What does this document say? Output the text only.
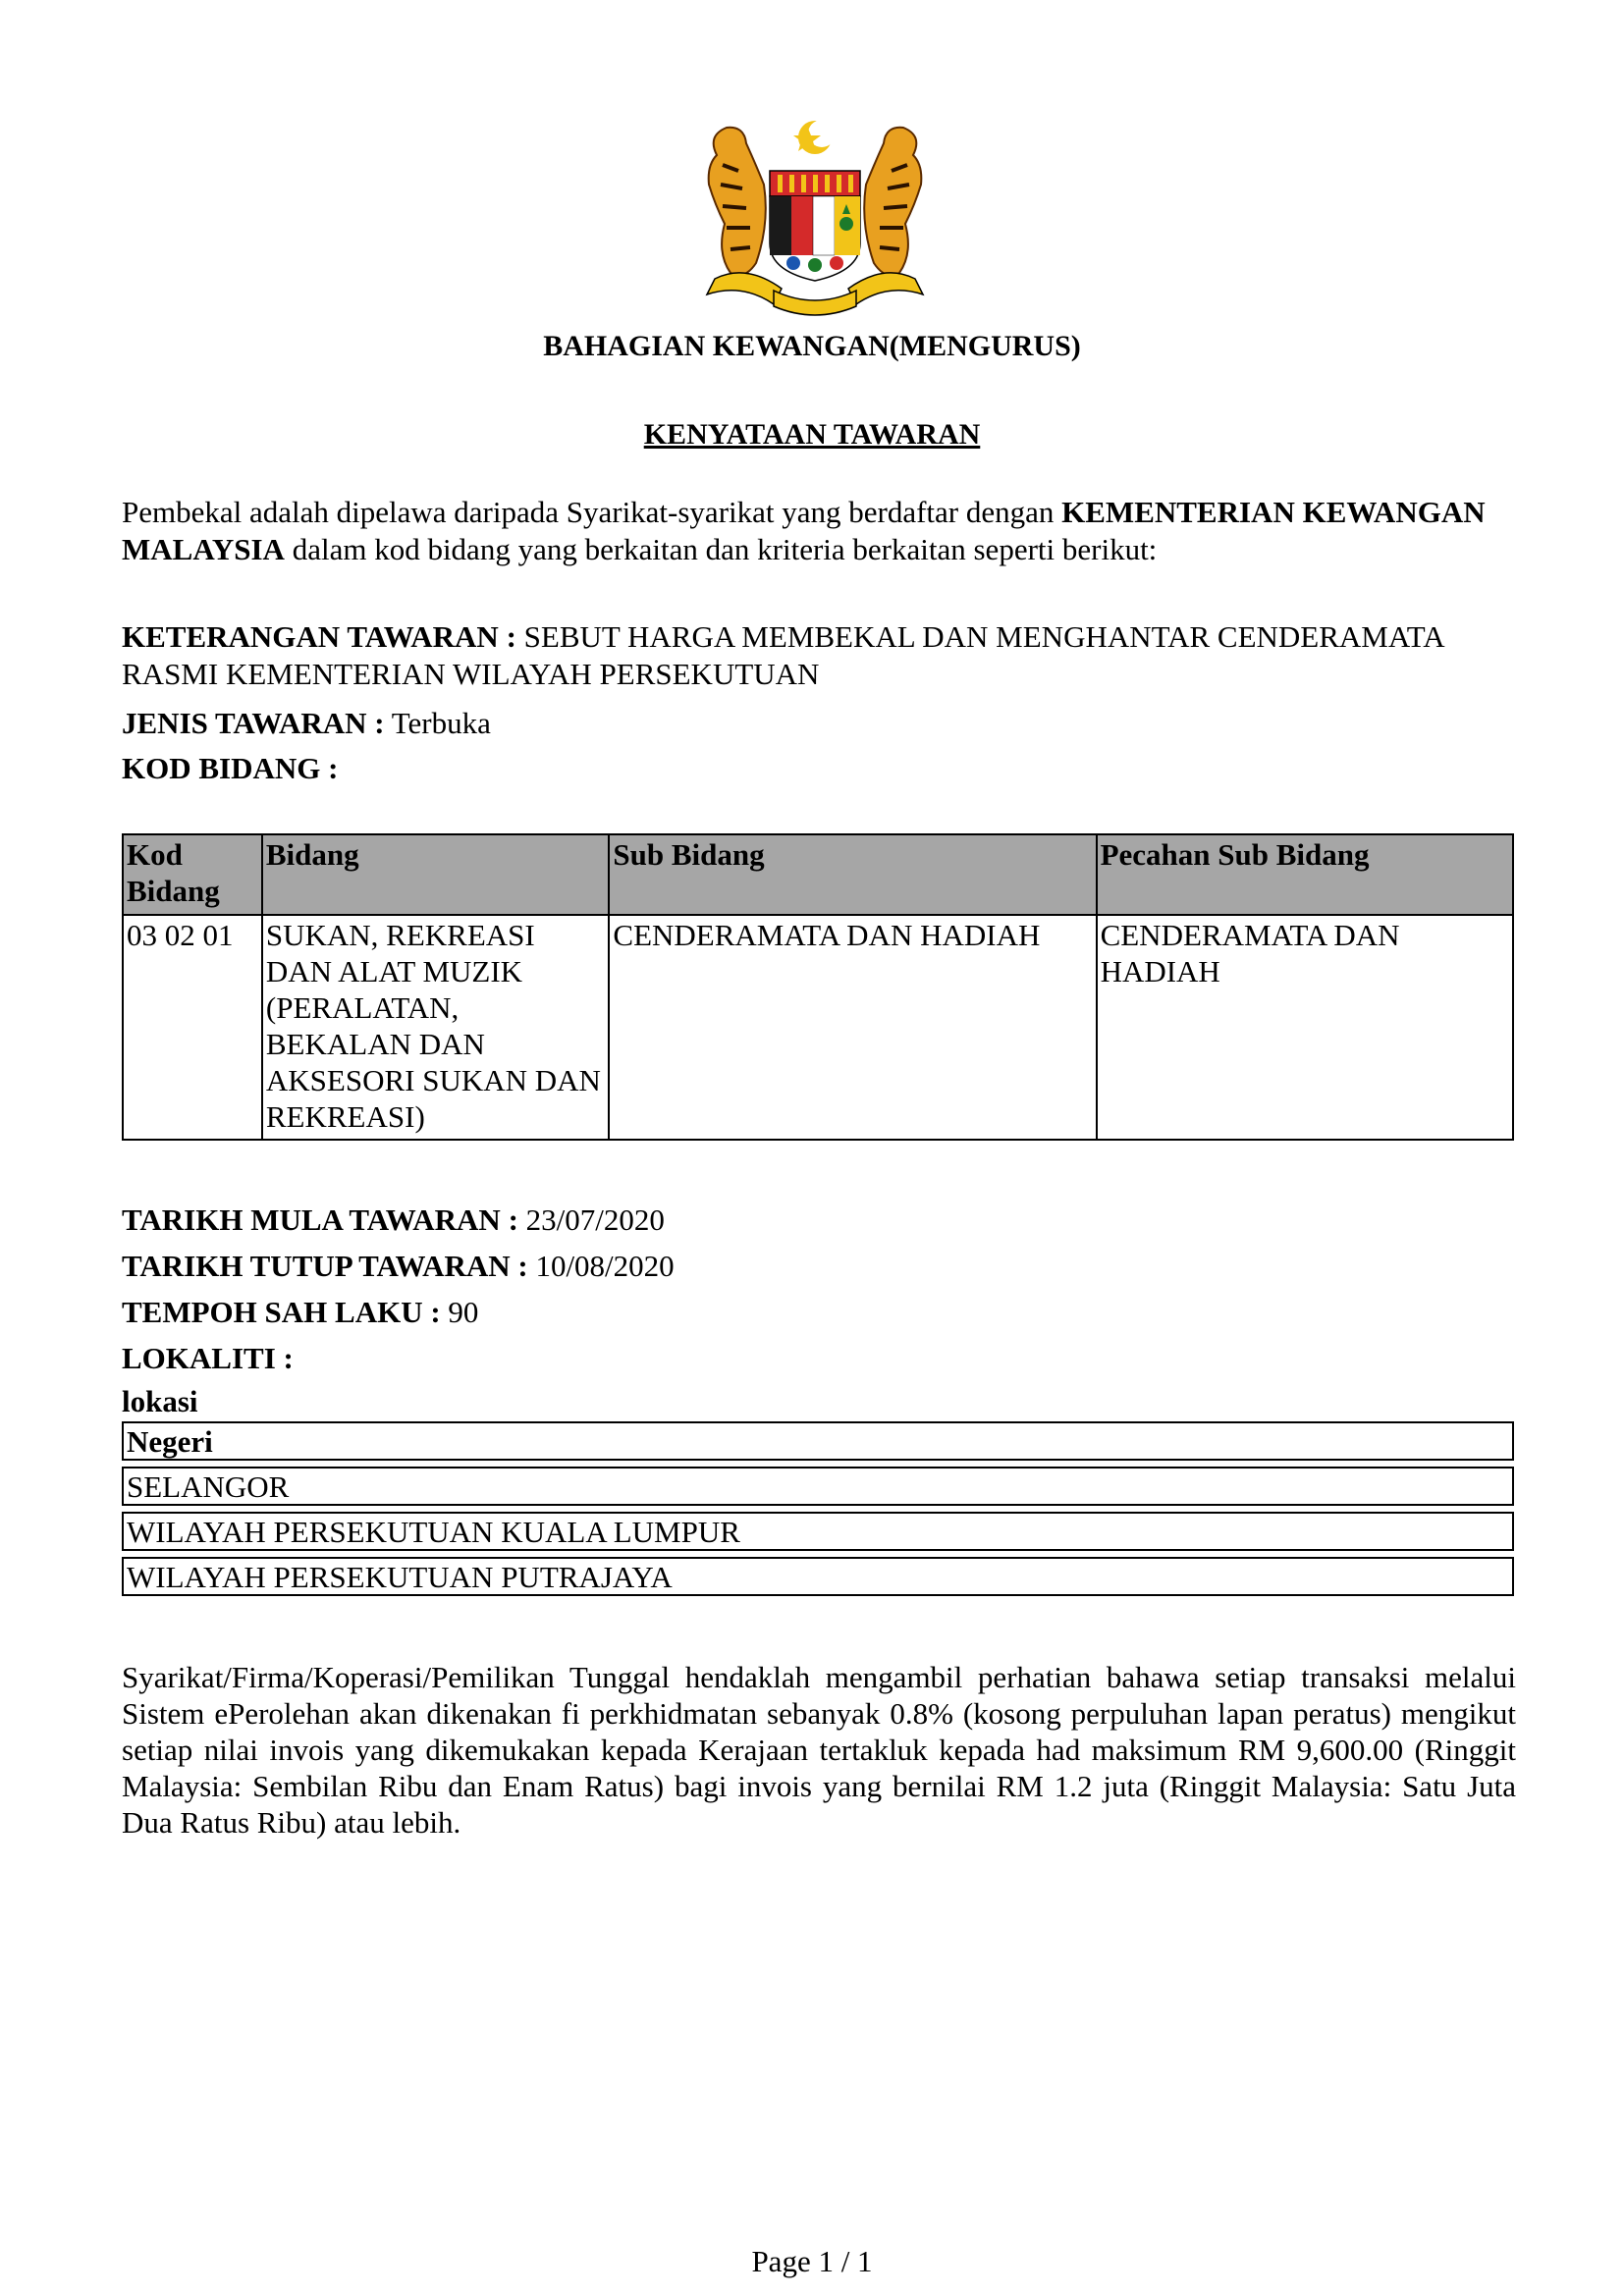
BAHAGIAN KEWANGAN(MENGURUS)
KENYATAAN TAWARAN
Pembekal adalah dipelawa daripada Syarikat-syarikat yang berdaftar dengan KEMENTERIAN KEWANGAN MALAYSIA dalam kod bidang yang berkaitan dan kriteria berkaitan seperti berikut:
KETERANGAN TAWARAN : SEBUT HARGA MEMBEKAL DAN MENGHANTAR CENDERAMATA RASMI KEMENTERIAN WILAYAH PERSEKUTUAN
JENIS TAWARAN : Terbuka
KOD BIDANG :
Kod Bidang	Bidang	Sub Bidang	Pecahan Sub Bidang
03 02 01	SUKAN, REKREASI DAN ALAT MUZIK (PERALATAN, BEKALAN DAN AKSESORI SUKAN DAN REKREASI)	CENDERAMATA DAN HADIAH	CENDERAMATA DAN HADIAH
TARIKH MULA TAWARAN : 23/07/2020
TARIKH TUTUP TAWARAN : 10/08/2020
TEMPOH SAH LAKU : 90
LOKALITI :
lokasi
Negeri
SELANGOR
WILAYAH PERSEKUTUAN KUALA LUMPUR
WILAYAH PERSEKUTUAN PUTRAJAYA
Syarikat/Firma/Koperasi/Pemilikan Tunggal hendaklah mengambil perhatian bahawa setiap transaksi melalui Sistem ePerolehan akan dikenakan fi perkhidmatan sebanyak 0.8% (kosong perpuluhan lapan peratus) mengikut setiap nilai invois yang dikemukakan kepada Kerajaan tertakluk kepada had maksimum RM 9,600.00 (Ringgit Malaysia: Sembilan Ribu dan Enam Ratus) bagi invois yang bernilai RM 1.2 juta (Ringgit Malaysia: Satu Juta Dua Ratus Ribu) atau lebih.
Page 1 / 1
